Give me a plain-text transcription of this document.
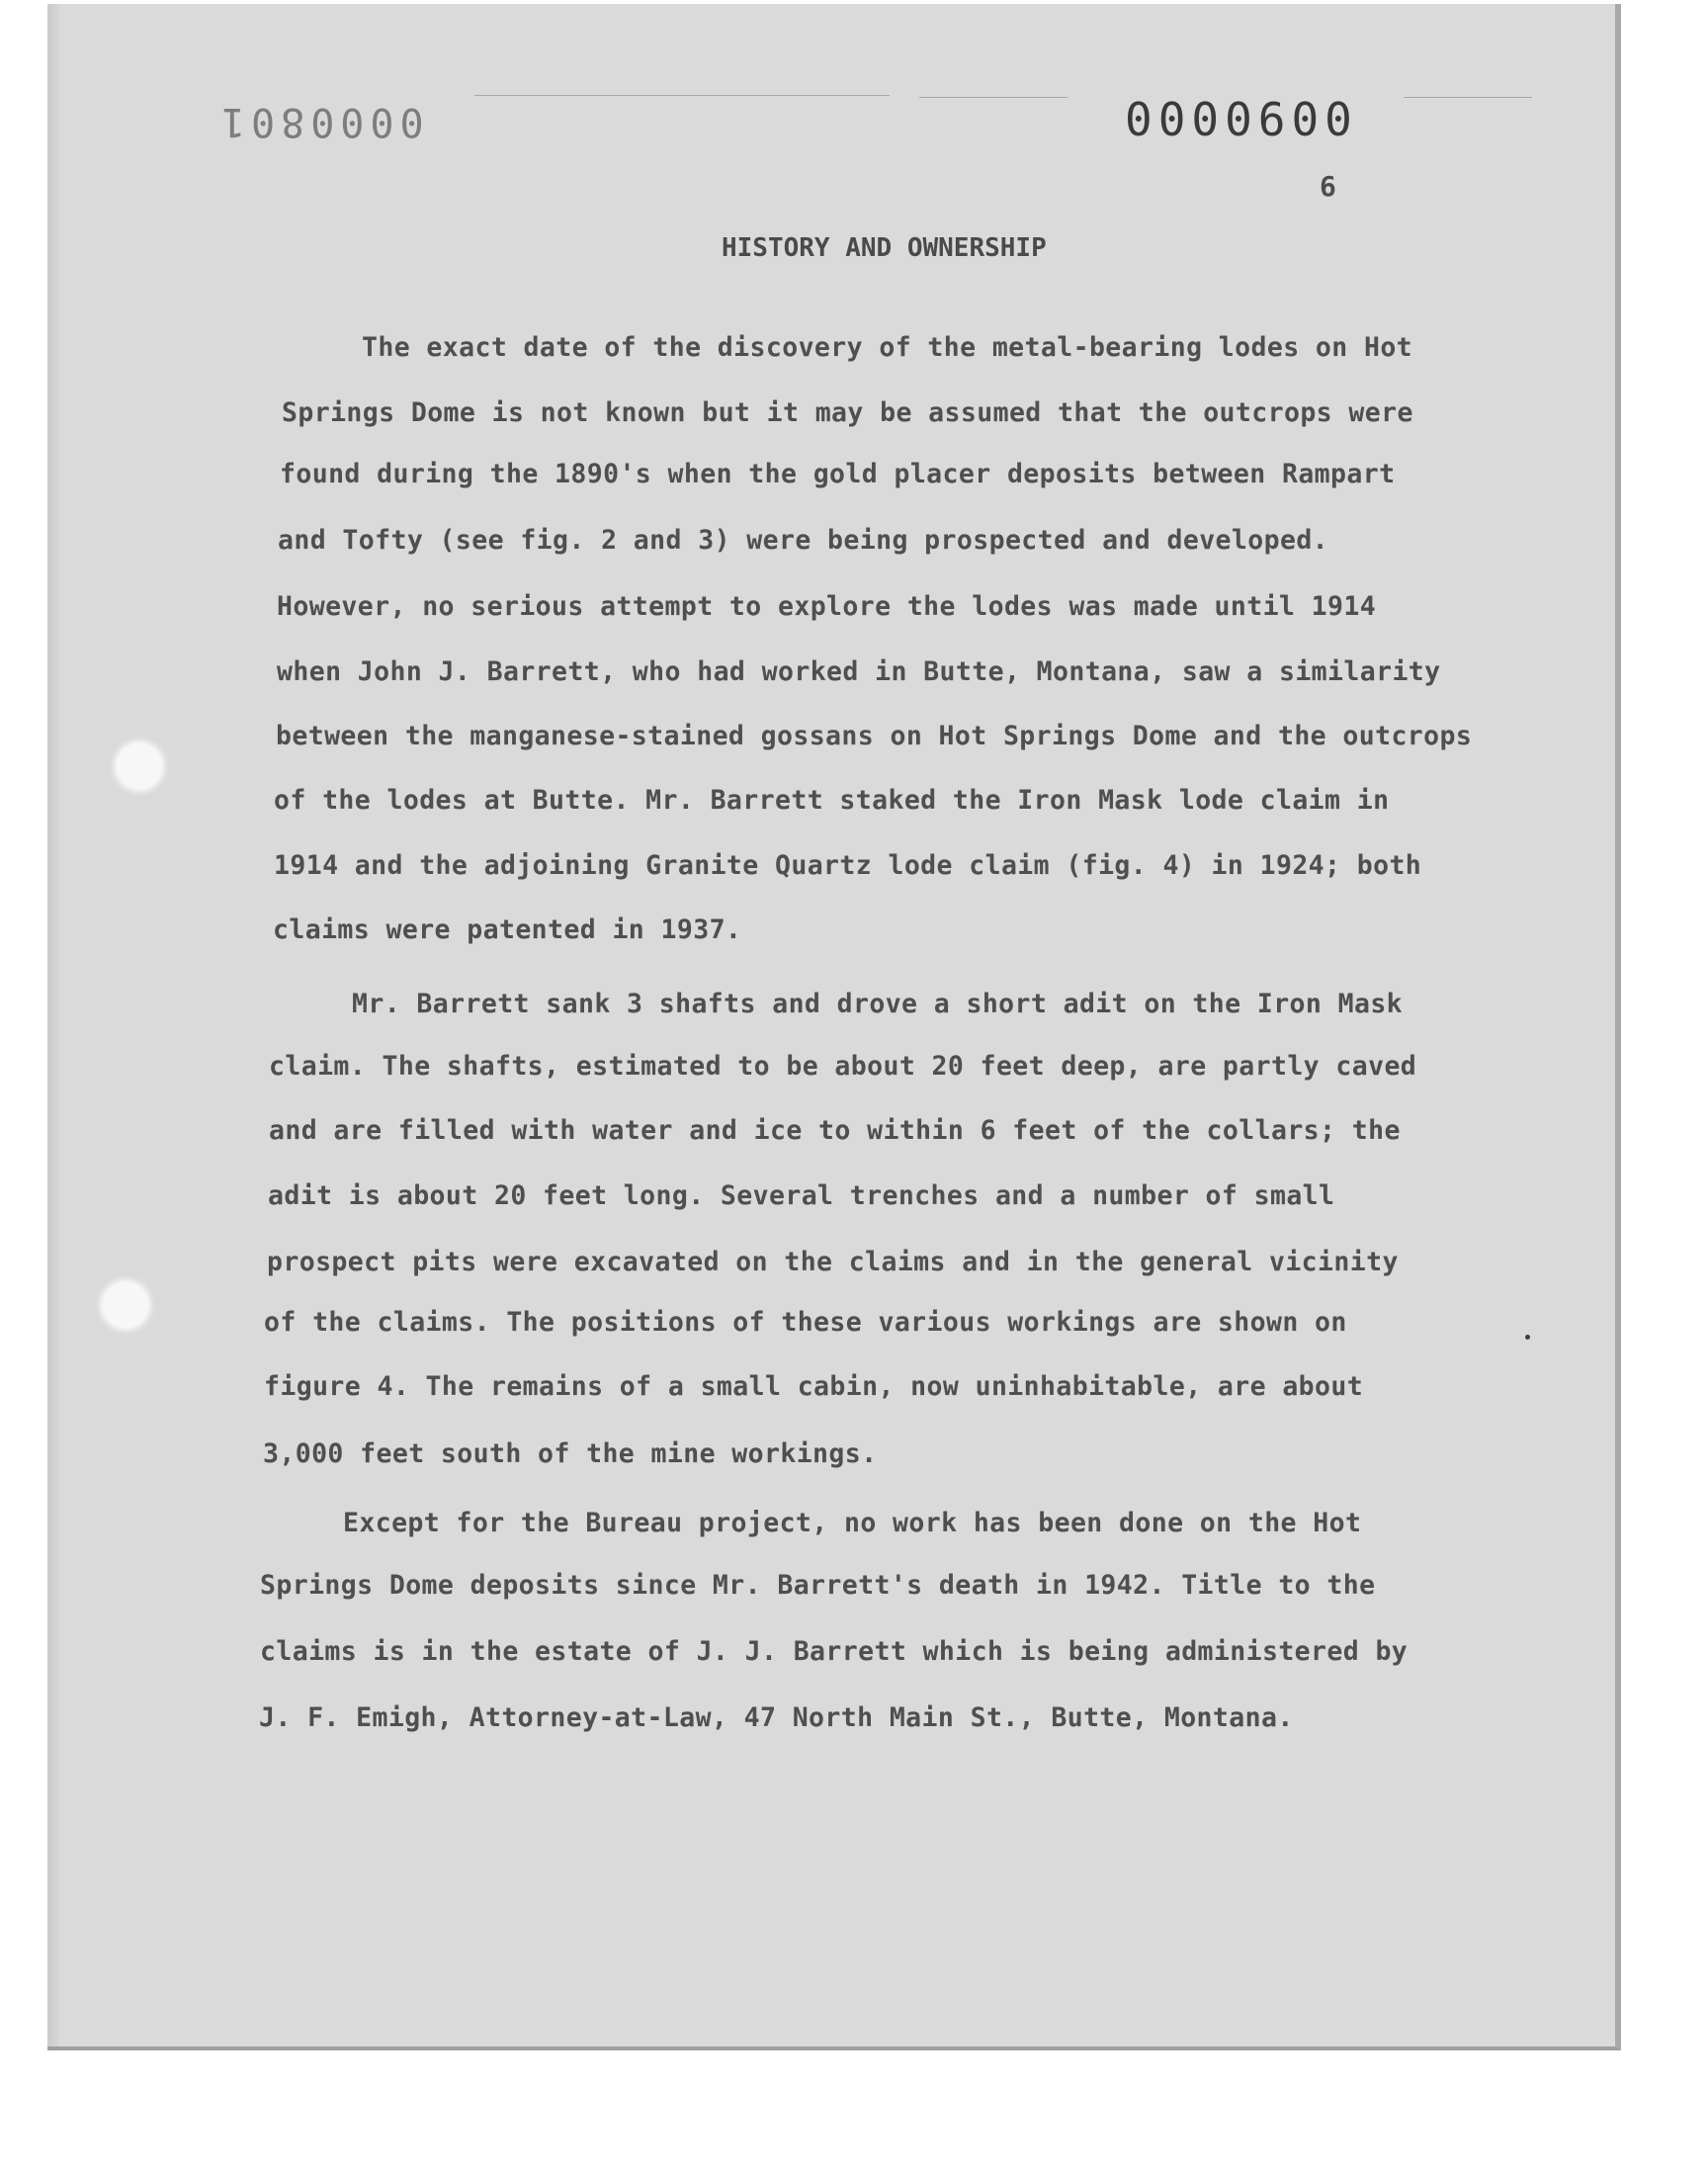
0000801	0000600
6
HISTORY AND OWNERSHIP
The exact date of the discovery of the metal-bearing lodes on Hot
Springs Dome is not known but it may be assumed that the outcrops were
found during the 1890's when the gold placer deposits between Rampart
and Tofty (see fig. 2 and 3) were being prospected and developed.
However, no serious attempt to explore the lodes was made until 1914
when John J. Barrett, who had worked in Butte, Montana, saw a similarity
between the manganese-stained gossans on Hot Springs Dome and the outcrops
of the lodes at Butte. Mr. Barrett staked the Iron Mask lode claim in
1914 and the adjoining Granite Quartz lode claim (fig. 4) in 1924; both
claims were patented in 1937.
Mr. Barrett sank 3 shafts and drove a short adit on the Iron Mask
claim. The shafts, estimated to be about 20 feet deep, are partly caved
and are filled with water and ice to within 6 feet of the collars; the
adit is about 20 feet long. Several trenches and a number of small
prospect pits were excavated on the claims and in the general vicinity
of the claims. The positions of these various workings are shown on
figure 4. The remains of a small cabin, now uninhabitable, are about
3,000 feet south of the mine workings.
Except for the Bureau project, no work has been done on the Hot
Springs Dome deposits since Mr. Barrett's death in 1942. Title to the
claims is in the estate of J. J. Barrett which is being administered by
J. F. Emigh, Attorney-at-Law, 47 North Main St., Butte, Montana.
